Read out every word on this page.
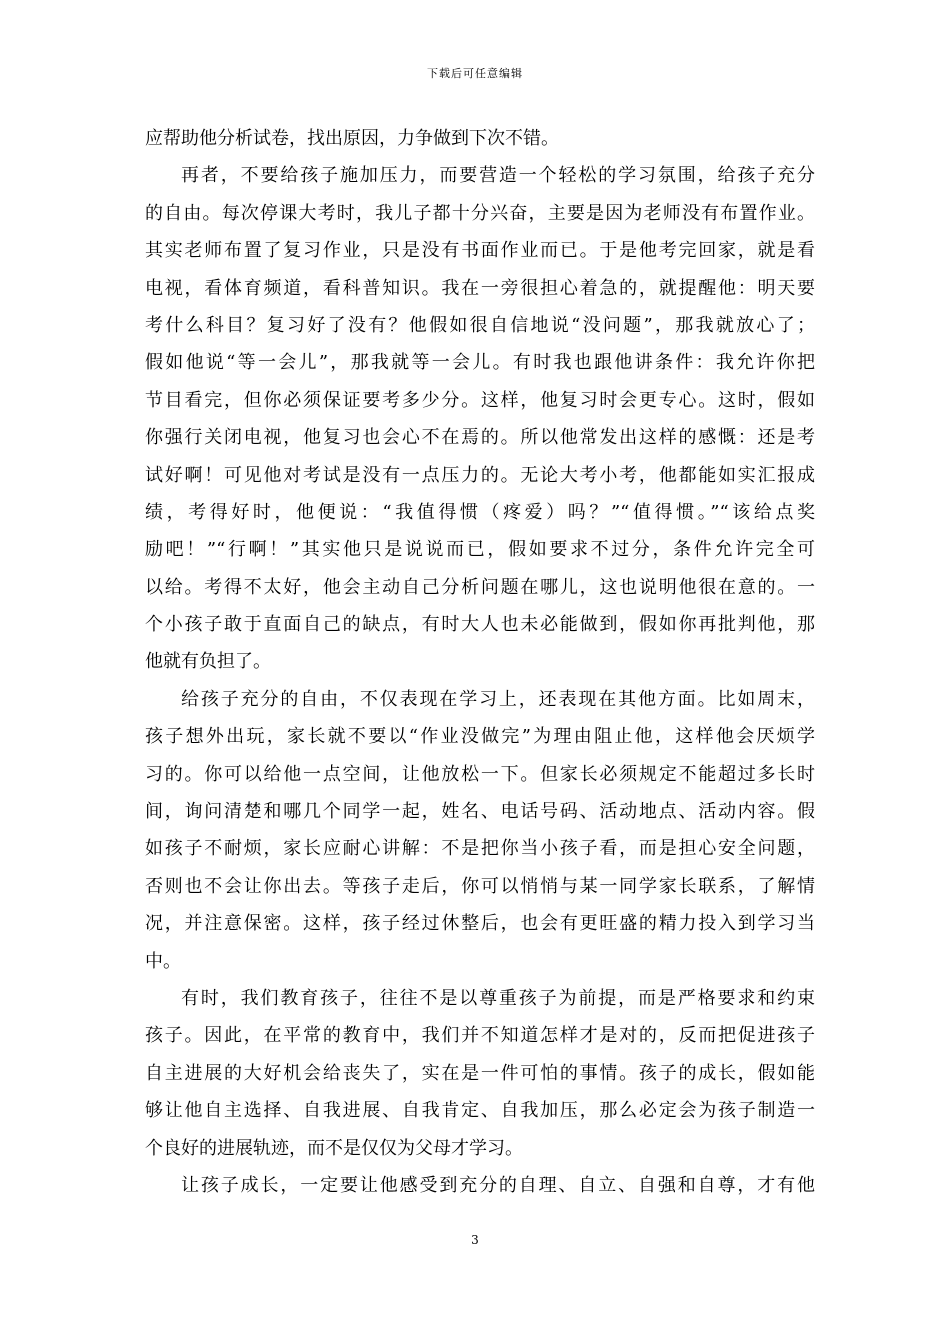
下载后可任意编辑
应帮助他分析试卷，找出原因，力争做到下次不错。
再者，不要给孩子施加压力，而要营造一个轻松的学习氛围，给孩子充分
的自由。每次停课大考时，我儿子都十分兴奋，主要是因为老师没有布置作业。
其实老师布置了复习作业，只是没有书面作业而已。于是他考完回家，就是看
电视，看体育频道，看科普知识。我在一旁很担心着急的，就提醒他：明天要
考什么科目？复习好了没有？他假如很自信地说“没问题”，那我就放心了；
假如他说“等一会儿”，那我就等一会儿。有时我也跟他讲条件：我允许你把
节目看完，但你必须保证要考多少分。这样，他复习时会更专心。这时，假如
你强行关闭电视，他复习也会心不在焉的。所以他常发出这样的感慨：还是考
试好啊！可见他对考试是没有一点压力的。无论大考小考，他都能如实汇报成
绩，考得好时，他便说：“我值得惯（疼爱）吗？”“值得惯。”“该给点奖
励吧！”“行啊！”其实他只是说说而已，假如要求不过分，条件允许完全可
以给。考得不太好，他会主动自己分析问题在哪儿，这也说明他很在意的。一
个小孩子敢于直面自己的缺点，有时大人也未必能做到，假如你再批判他，那
他就有负担了。
给孩子充分的自由，不仅表现在学习上，还表现在其他方面。比如周末，
孩子想外出玩，家长就不要以“作业没做完”为理由阻止他，这样他会厌烦学
习的。你可以给他一点空间，让他放松一下。但家长必须规定不能超过多长时
间，询问清楚和哪几个同学一起，姓名、电话号码、活动地点、活动内容。假
如孩子不耐烦，家长应耐心讲解：不是把你当小孩子看，而是担心安全问题，
否则也不会让你出去。等孩子走后，你可以悄悄与某一同学家长联系，了解情
况，并注意保密。这样，孩子经过休整后，也会有更旺盛的精力投入到学习当
中。
有时，我们教育孩子，往往不是以尊重孩子为前提，而是严格要求和约束
孩子。因此，在平常的教育中，我们并不知道怎样才是对的，反而把促进孩子
自主进展的大好机会给丧失了，实在是一件可怕的事情。孩子的成长，假如能
够让他自主选择、自我进展、自我肯定、自我加压，那么必定会为孩子制造一
个良好的进展轨迹，而不是仅仅为父母才学习。
让孩子成长，一定要让他感受到充分的自理、自立、自强和自尊，才有他
3
